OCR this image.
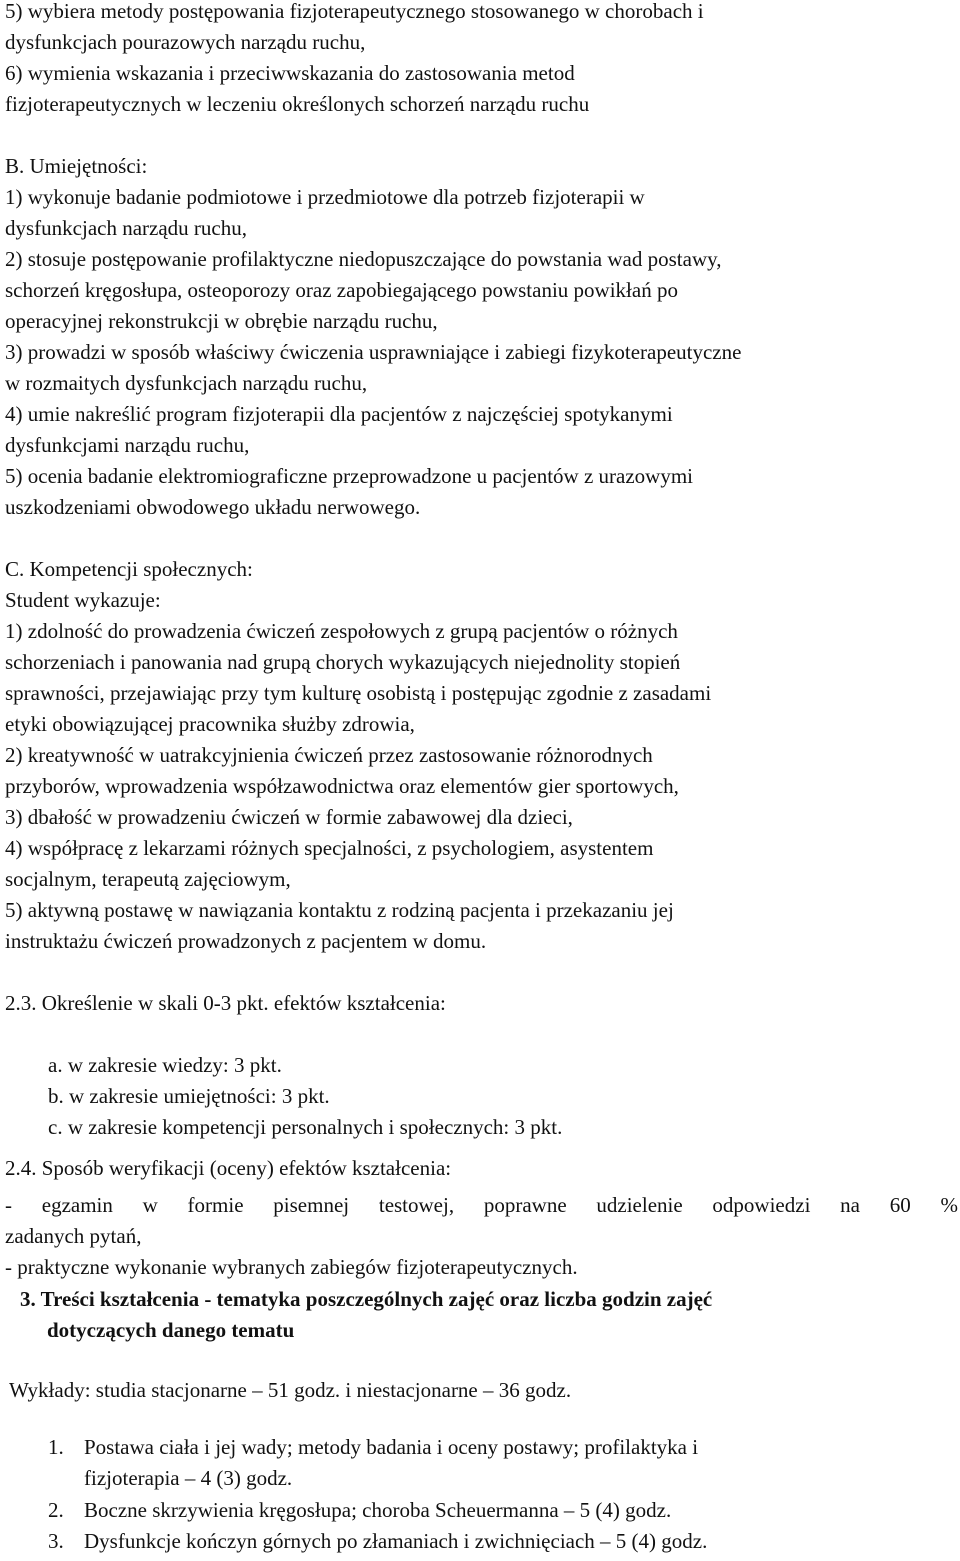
5) wybiera metody postępowania fizjoterapeutycznego stosowanego w chorobach i

dysfunkcjach pourazowych narządu ruchu,

6) wymienia wskazania i przeciwwskazania do zastosowania metod

fizjoterapeutycznych w leczeniu określonych schorzeń narządu ruchu

B. Umiejętności:

1) wykonuje badanie podmiotowe i przedmiotowe dla potrzeb fizjoterapii w

dysfunkcjach narządu ruchu,

2) stosuje postępowanie profilaktyczne niedopuszczające do powstania wad postawy,

schorzeń kręgosłupa, osteoporozy oraz zapobiegającego powstaniu powikłań po

operacyjnej rekonstrukcji w obrębie narządu ruchu,

3) prowadzi w sposób właściwy ćwiczenia usprawniające i zabiegi fizykoterapeutyczne

w rozmaitych dysfunkcjach narządu ruchu,

4) umie nakreślić program fizjoterapii dla pacjentów z najczęściej spotykanymi

dysfunkcjami narządu ruchu,

5) ocenia badanie elektromiograficzne przeprowadzone u pacjentów z urazowymi

uszkodzeniami obwodowego układu nerwowego.

C. Kompetencji społecznych:

Student wykazuje:

1) zdolność do prowadzenia ćwiczeń zespołowych z grupą pacjentów o różnych

schorzeniach i panowania nad grupą chorych wykazujących niejednolity stopień

sprawności, przejawiając przy tym kulturę osobistą i postępując zgodnie z zasadami

etyki obowiązującej pracownika służby zdrowia,

2) kreatywność w uatrakcyjnienia ćwiczeń przez zastosowanie różnorodnych

przyborów, wprowadzenia współzawodnictwa oraz elementów gier sportowych,

3) dbałość w prowadzeniu ćwiczeń w formie zabawowej dla dzieci,

4) współpracę z lekarzami różnych specjalności, z psychologiem, asystentem

socjalnym, terapeutą zajęciowym,

5) aktywną postawę w nawiązania kontaktu z rodziną pacjenta i przekazaniu jej

instruktażu ćwiczeń prowadzonych z pacjentem w domu.

2.3. Określenie w skali 0-3 pkt. efektów kształcenia:

a. w zakresie wiedzy: 3 pkt.

b. w zakresie umiejętności: 3 pkt.

c. w zakresie kompetencji personalnych i społecznych: 3 pkt.

2.4. Sposób weryfikacji (oceny) efektów kształcenia:

- egzamin w formie pisemnej testowej, poprawne udzielenie odpowiedzi na 60 %

zadanych pytań,

- praktyczne wykonanie wybranych zabiegów fizjoterapeutycznych.

3. Treści kształcenia - tematyka poszczególnych zajęć oraz liczba godzin zajęć

dotyczących danego tematu

Wykłady: studia stacjonarne – 51 godz. i niestacjonarne – 36 godz.

1. Postawa ciała i jej wady; metody badania i oceny postawy; profilaktyka i

fizjoterapia – 4 (3) godz.

2. Boczne skrzywienia kręgosłupa; choroba Scheuermanna – 5 (4) godz.

3. Dysfunkcje kończyn górnych po złamaniach i zwichnięciach – 5 (4) godz.
